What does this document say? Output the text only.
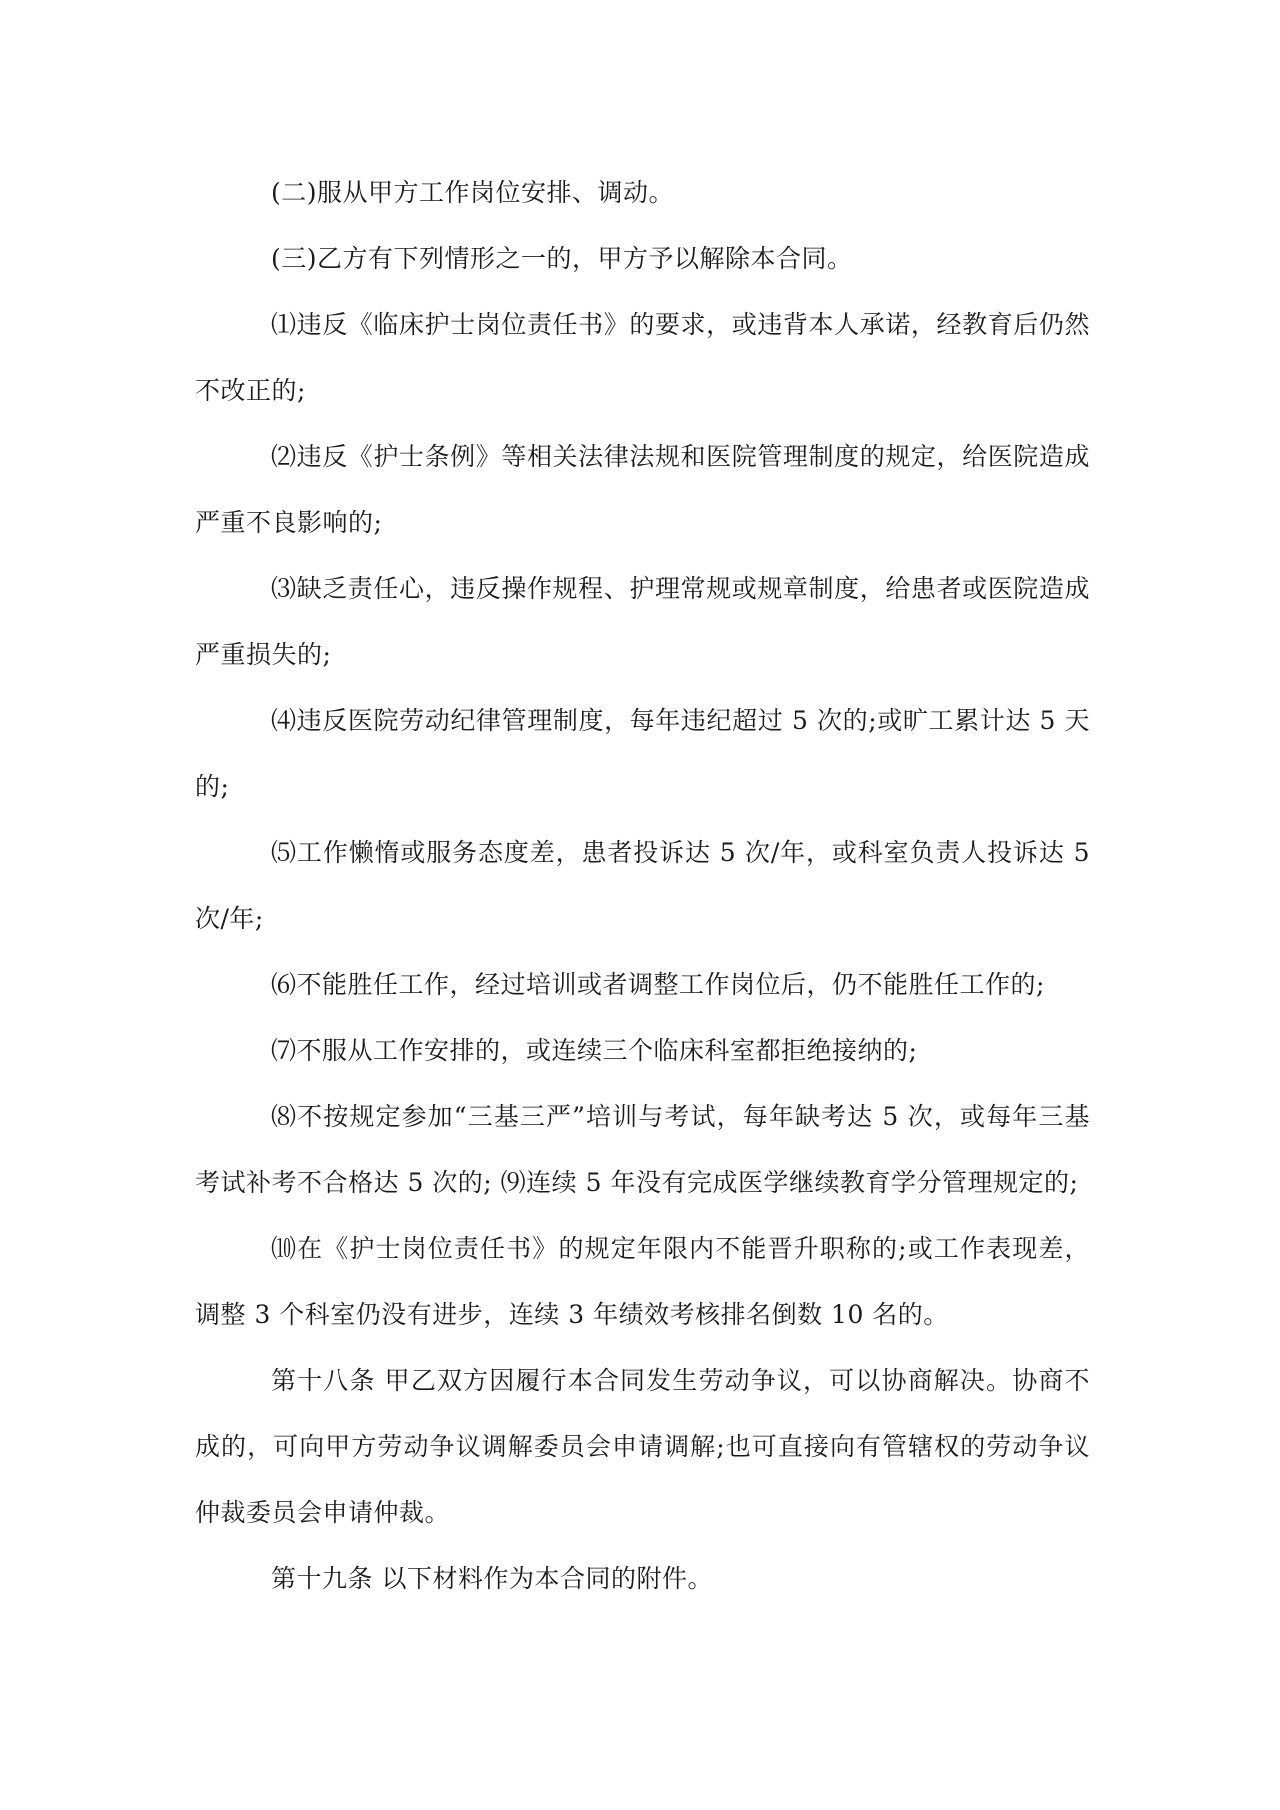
(二)服从甲方工作岗位安排、调动。

(三)乙方有下列情形之一的，甲方予以解除本合同。

⑴违反《临床护士岗位责任书》的要求，或违背本人承诺，经教育后仍然不改正的;

⑵违反《护士条例》等相关法律法规和医院管理制度的规定，给医院造成严重不良影响的;

⑶缺乏责任心，违反操作规程、护理常规或规章制度，给患者或医院造成严重损失的;

⑷违反医院劳动纪律管理制度，每年违纪超过 5 次的;或旷工累计达 5 天的;

⑸工作懒惰或服务态度差，患者投诉达 5 次/年，或科室负责人投诉达 5 次/年;

⑹不能胜任工作，经过培训或者调整工作岗位后，仍不能胜任工作的;

⑺不服从工作安排的，或连续三个临床科室都拒绝接纳的;

⑻不按规定参加“三基三严”培训与考试，每年缺考达 5 次，或每年三基考试补考不合格达 5 次的; ⑼连续 5 年没有完成医学继续教育学分管理规定的;

⑽在《护士岗位责任书》的规定年限内不能晋升职称的;或工作表现差，调整 3 个科室仍没有进步，连续 3 年绩效考核排名倒数 10 名的。

第十八条 甲乙双方因履行本合同发生劳动争议，可以协商解决。协商不成的，可向甲方劳动争议调解委员会申请调解;也可直接向有管辖权的劳动争议仲裁委员会申请仲裁。

第十九条 以下材料作为本合同的附件。
